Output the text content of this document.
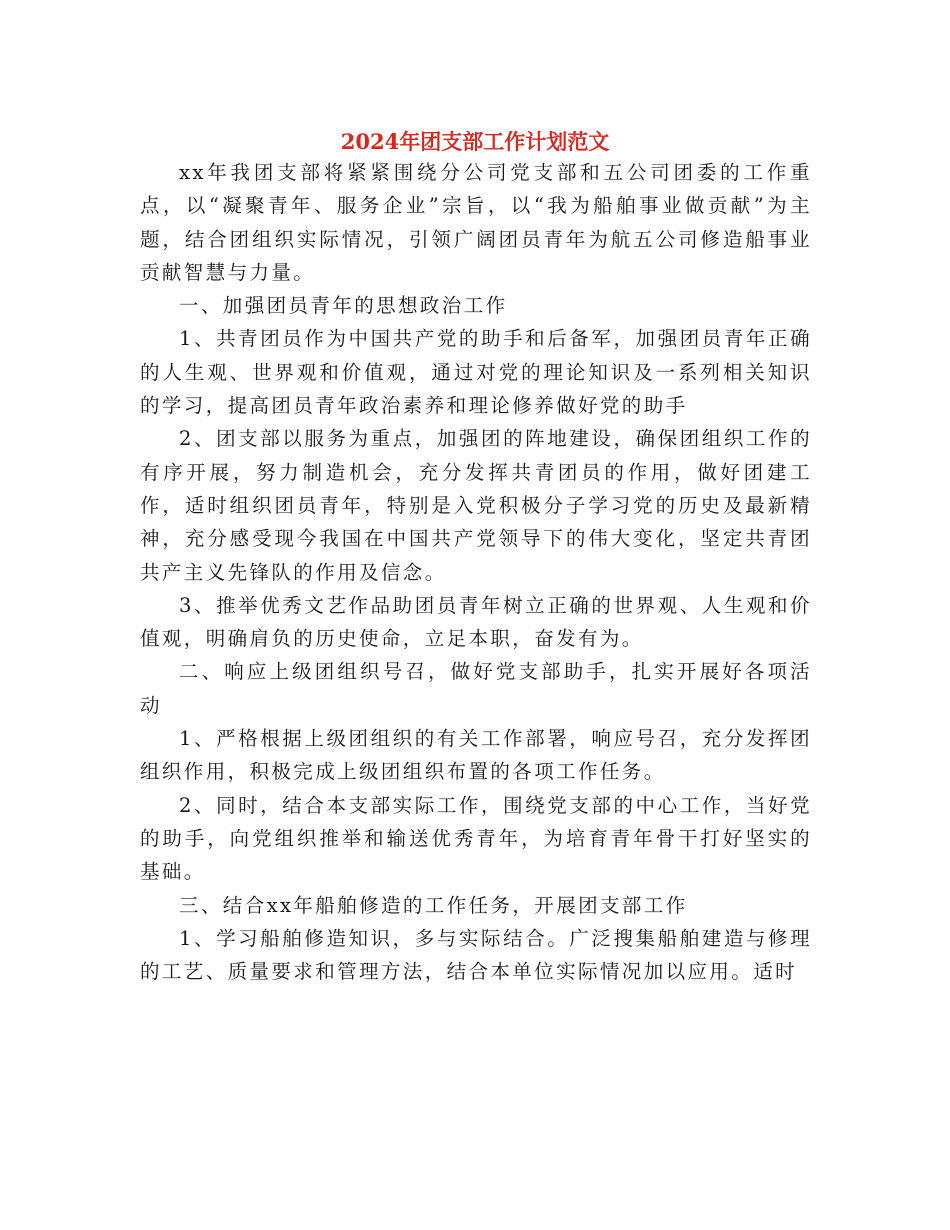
2024年团支部工作计划范文

xx年我团支部将紧紧围绕分公司党支部和五公司团委的工作重点，以“凝聚青年、服务企业”宗旨，以“我为船舶事业做贡献”为主题，结合团组织实际情况，引领广阔团员青年为航五公司修造船事业贡献智慧与力量。

一、加强团员青年的思想政治工作

1、共青团员作为中国共产党的助手和后备军，加强团员青年正确的人生观、世界观和价值观，通过对党的理论知识及一系列相关知识的学习，提高团员青年政治素养和理论修养做好党的助手

2、团支部以服务为重点，加强团的阵地建设，确保团组织工作的有序开展，努力制造机会，充分发挥共青团员的作用，做好团建工作，适时组织团员青年，特别是入党积极分子学习党的历史及最新精神，充分感受现今我国在中国共产党领导下的伟大变化，坚定共青团共产主义先锋队的作用及信念。

3、推举优秀文艺作品助团员青年树立正确的世界观、人生观和价值观，明确肩负的历史使命，立足本职，奋发有为。

二、响应上级团组织号召，做好党支部助手，扎实开展好各项活动

1、严格根据上级团组织的有关工作部署，响应号召，充分发挥团组织作用，积极完成上级团组织布置的各项工作任务。

2、同时，结合本支部实际工作，围绕党支部的中心工作，当好党的助手，向党组织推举和输送优秀青年，为培育青年骨干打好坚实的基础。

三、结合xx年船舶修造的工作任务，开展团支部工作

1、学习船舶修造知识，多与实际结合。广泛搜集船舶建造与修理的工艺、质量要求和管理方法，结合本单位实际情况加以应用。适时
